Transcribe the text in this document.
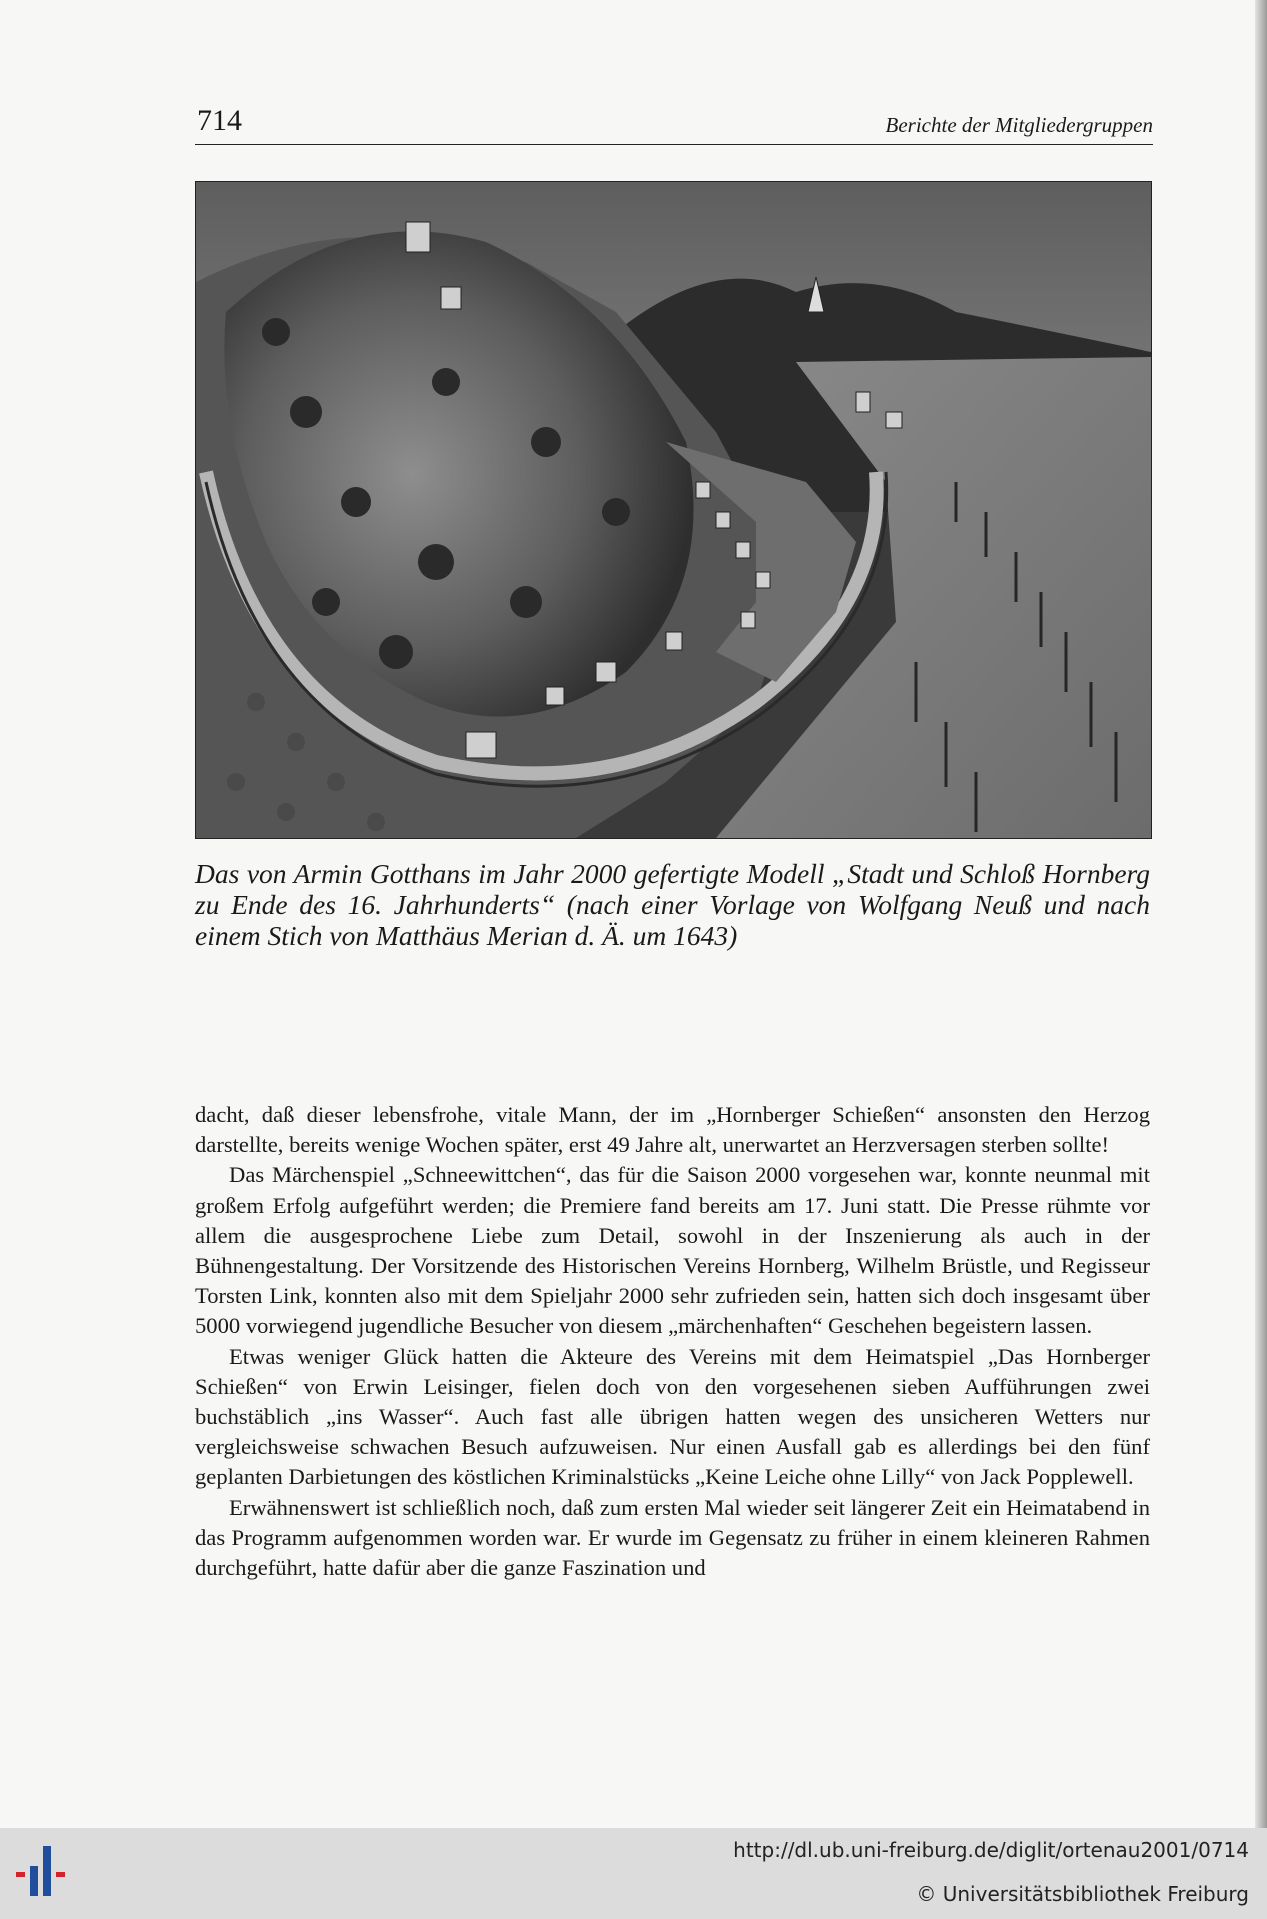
714	Berichte der Mitgliedergruppen
Das von Armin Gotthans im Jahr 2000 gefertigte Modell „Stadt und Schloß Hornberg zu Ende des 16. Jahrhunderts“ (nach einer Vorlage von Wolfgang Neuß und nach einem Stich von Matthäus Merian d. Ä. um 1643)

dacht, daß dieser lebensfrohe, vitale Mann, der im „Hornberger Schießen“ ansonsten den Herzog darstellte, bereits wenige Wochen später, erst 49 Jahre alt, unerwartet an Herzversagen sterben sollte!

Das Märchenspiel „Schneewittchen“, das für die Saison 2000 vorgesehen war, konnte neunmal mit großem Erfolg aufgeführt werden; die Premiere fand bereits am 17. Juni statt. Die Presse rühmte vor allem die ausgesprochene Liebe zum Detail, sowohl in der Inszenierung als auch in der Bühnengestaltung. Der Vorsitzende des Historischen Vereins Hornberg, Wilhelm Brüstle, und Regisseur Torsten Link, konnten also mit dem Spieljahr 2000 sehr zufrieden sein, hatten sich doch insgesamt über 5000 vorwiegend jugendliche Besucher von diesem „märchenhaften“ Geschehen begeistern lassen.

Etwas weniger Glück hatten die Akteure des Vereins mit dem Heimatspiel „Das Hornberger Schießen“ von Erwin Leisinger, fielen doch von den vorgesehenen sieben Aufführungen zwei buchstäblich „ins Wasser“. Auch fast alle übrigen hatten wegen des unsicheren Wetters nur vergleichsweise schwachen Besuch aufzuweisen. Nur einen Ausfall gab es allerdings bei den fünf geplanten Darbietungen des köstlichen Kriminalstücks „Keine Leiche ohne Lilly“ von Jack Popplewell.

Erwähnenswert ist schließlich noch, daß zum ersten Mal wieder seit längerer Zeit ein Heimatabend in das Programm aufgenommen worden war. Er wurde im Gegensatz zu früher in einem kleineren Rahmen durchgeführt, hatte dafür aber die ganze Faszination und

http://dl.ub.uni-freiburg.de/diglit/ortenau2001/0714
© Universitätsbibliothek Freiburg
